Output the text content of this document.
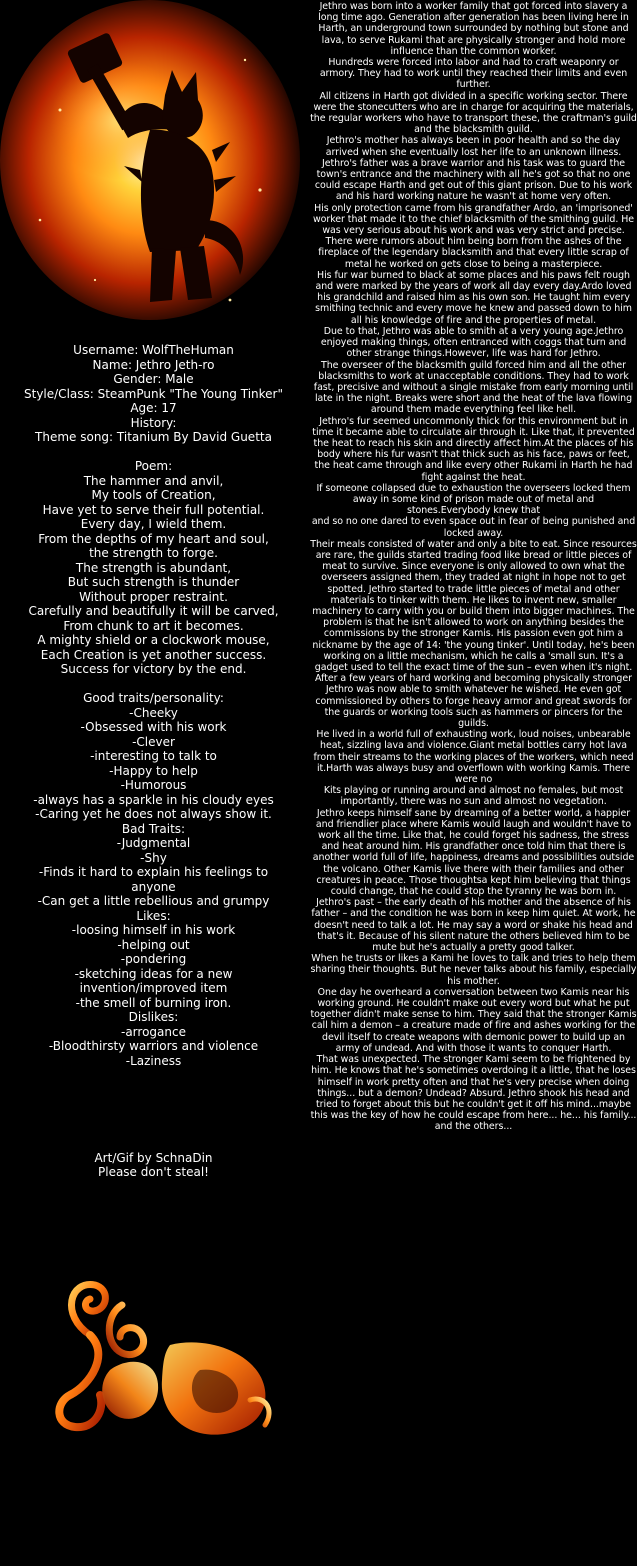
Username: WolfTheHuman
Name: Jethro Jeth-ro
Gender: Male
Style/Class: SteamPunk "The Young Tinker"
Age: 17
History:
Theme song: Titanium By David Guetta
Poem:
The hammer and anvil,
My tools of Creation,
Have yet to serve their full potential.
Every day, I wield them.
From the depths of my heart and soul,
the strength to forge.
The strength is abundant,
But such strength is thunder
Without proper restraint.
Carefully and beautifully it will be carved,
From chunk to art it becomes.
A mighty shield or a clockwork mouse,
Each Creation is yet another success.
Success for victory by the end.
Good traits/personality:
-Cheeky
-Obsessed with his work
-Clever
-interesting to talk to
-Happy to help
-Humorous
-always has a sparkle in his cloudy eyes
-Caring yet he does not always show it.
Bad Traits:
-Judgmental
-Shy
-Finds it hard to explain his feelings to
anyone
-Can get a little rebellious and grumpy
Likes:
-loosing himself in his work
-helping out
-pondering
-sketching ideas for a new
invention/improved item
-the smell of burning iron.
Dislikes:
-arrogance
-Bloodthirsty warriors and violence
-Laziness
Art/Gif by SchnaDin
Please don't steal!
Jethro was born into a worker family that got forced into slavery a long time ago. Generation after generation has been living here in Harth, an underground town surrounded by nothing but stone and lava, to serve Rukami that are physically stronger and hold more influence than the common worker.
Hundreds were forced into labor and had to craft weaponry or armory. They had to work until they reached their limits and even further.
All citizens in Harth got divided in a specific working sector. There were the stonecutters who are in charge for acquiring the materials, the regular workers who have to transport these, the craftman's guild and the blacksmith guild.
Jethro's mother has always been in poor health and so the day arrived when she eventually lost her life to an unknown illness.
Jethro's father was a brave warrior and his task was to guard the town's entrance and the machinery with all he's got so that no one could escape Harth and get out of this giant prison. Due to his work and his hard working nature he wasn't at home very often.
His only protection came from his grandfather Ardo, an 'imprisoned' worker that made it to the chief blacksmith of the smithing guild. He was very serious about his work and was very strict and precise.
There were rumors about him being born from the ashes of the fireplace of the legendary blacksmith and that every little scrap of metal he worked on gets close to being a masterpiece.
His fur war burned to black at some places and his paws felt rough and were marked by the years of work all day every day.Ardo loved his grandchild and raised him as his own son. He taught him every smithing technic and every move he knew and passed down to him all his knowledge of fire and the properties of metal.
Due to that, Jethro was able to smith at a very young age.Jethro enjoyed making things, often entranced with coggs that turn and other strange things.However, life was hard for Jethro.
The overseer of the blacksmith guild forced him and all the other blacksmiths to work at unacceptable conditions. They had to work fast, precisive and without a single mistake from early morning until late in the night. Breaks were short and the heat of the lava flowing around them made everything feel like hell.
Jethro's fur seemed uncommonly thick for this environment but in time it became able to circulate air through it. Like that, it prevented the heat to reach his skin and directly affect him.At the places of his body where his fur wasn't that thick such as his face, paws or feet, the heat came through and like every other Rukami in Harth he had fight against the heat.
If someone collapsed due to exhaustion the overseers locked them away in some kind of prison made out of metal and stones.Everybody knew that
and so no one dared to even space out in fear of being punished and locked away.
Their meals consisted of water and only a bite to eat. Since resources are rare, the guilds started trading food like bread or little pieces of meat to survive. Since everyone is only allowed to own what the overseers assigned them, they traded at night in hope not to get spotted. Jethro started to trade little pieces of metal and other materials to tinker with them. He likes to invent new, smaller machinery to carry with you or build them into bigger machines. The problem is that he isn't allowed to work on anything besides the commissions by the stronger Kamis. His passion even got him a nickname by the age of 14: 'the young tinker'. Until today, he's been working on a little mechanism, which he calls a 'small sun. It's a gadget used to tell the exact time of the sun – even when it's night.
After a few years of hard working and becoming physically stronger Jethro was now able to smith whatever he wished. He even got commissioned by others to forge heavy armor and great swords for the guards or working tools such as hammers or pincers for the guilds.
He lived in a world full of exhausting work, loud noises, unbearable heat, sizzling lava and violence.Giant metal bottles carry hot lava from their streams to the working places of the workers, which need it.Harth was always busy and overflown with working Kamis. There were no
Kits playing or running around and almost no females, but most importantly, there was no sun and almost no vegetation.
Jethro keeps himself sane by dreaming of a better world, a happier and friendlier place where Kamis would laugh and wouldn't have to work all the time. Like that, he could forget his sadness, the stress and heat around him. His grandfather once told him that there is another world full of life, happiness, dreams and possibilities outside the volcano. Other Kamis live there with their families and other creatures in peace. Those thoughtsa kept him believing that things could change, that he could stop the tyranny he was born in.
Jethro's past – the early death of his mother and the absence of his father – and the condition he was born in keep him quiet. At work, he doesn't need to talk a lot. He may say a word or shake his head and that's it. Because of his silent nature the others believed him to be mute but he's actually a pretty good talker.
When he trusts or likes a Kami he loves to talk and tries to help them sharing their thoughts. But he never talks about his family, especially his mother.
One day he overheard a conversation between two Kamis near his working ground. He couldn't make out every word but what he put together didn't make sense to him. They said that the stronger Kamis call him a demon – a creature made of fire and ashes working for the devil itself to create weapons with demonic power to build up an army of undead. And with those it wants to conquer Harth.
That was unexpected. The stronger Kami seem to be frightened by him. He knows that he's sometimes overdoing it a little, that he loses himself in work pretty often and that he's very precise when doing things... but a demon? Undead? Absurd. Jethro shook his head and tried to forget about this but he couldn't get it off his mind...maybe this was the key of how he could escape from here... he... his family... and the others...
